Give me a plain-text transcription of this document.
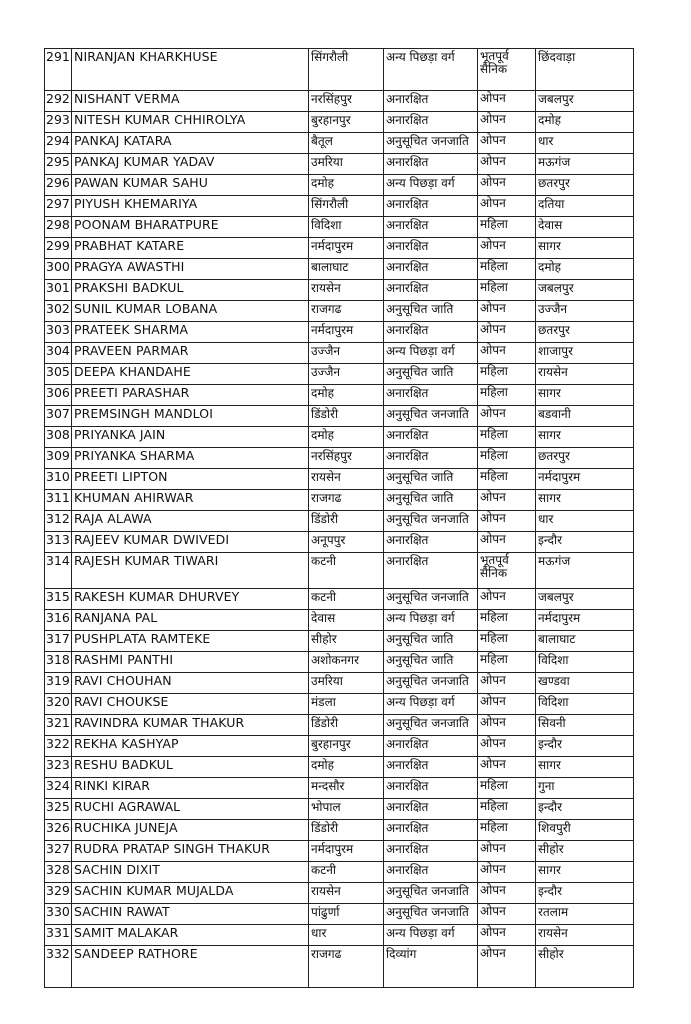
291	NIRANJAN KHARKHUSE	सिंगरौली	अन्य पिछड़ा वर्ग	भूतपूर्व सैनिक	छिंदवाड़ा
292	NISHANT VERMA	नरसिंहपुर	अनारक्षित	ओपन	जबलपुर
293	NITESH KUMAR CHHIROLYA	बुरहानपुर	अनारक्षित	ओपन	दमोह
294	PANKAJ KATARA	बैतूल	अनुसूचित जनजाति	ओपन	धार
295	PANKAJ KUMAR YADAV	उमरिया	अनारक्षित	ओपन	मऊगंज
296	PAWAN KUMAR SAHU	दमोह	अन्य पिछड़ा वर्ग	ओपन	छतरपुर
297	PIYUSH KHEMARIYA	सिंगरौली	अनारक्षित	ओपन	दतिया
298	POONAM BHARATPURE	विदिशा	अनारक्षित	महिला	देवास
299	PRABHAT KATARE	नर्मदापुरम	अनारक्षित	ओपन	सागर
300	PRAGYA AWASTHI	बालाघाट	अनारक्षित	महिला	दमोह
301	PRAKSHI BADKUL	रायसेन	अनारक्षित	महिला	जबलपुर
302	SUNIL KUMAR LOBANA	राजगढ	अनुसूचित जाति	ओपन	उज्जैन
303	PRATEEK SHARMA	नर्मदापुरम	अनारक्षित	ओपन	छतरपुर
304	PRAVEEN PARMAR	उज्जैन	अन्य पिछड़ा वर्ग	ओपन	शाजापुर
305	DEEPA KHANDAHE	उज्जैन	अनुसूचित जाति	महिला	रायसेन
306	PREETI PARASHAR	दमोह	अनारक्षित	महिला	सागर
307	PREMSINGH MANDLOI	डिंडोरी	अनुसूचित जनजाति	ओपन	बडवानी
308	PRIYANKA JAIN	दमोह	अनारक्षित	महिला	सागर
309	PRIYANKA SHARMA	नरसिंहपुर	अनारक्षित	महिला	छतरपुर
310	PREETI LIPTON	रायसेन	अनुसूचित जाति	महिला	नर्मदापुरम
311	KHUMAN AHIRWAR	राजगढ	अनुसूचित जाति	ओपन	सागर
312	RAJA ALAWA	डिंडोरी	अनुसूचित जनजाति	ओपन	धार
313	RAJEEV KUMAR DWIVEDI	अनूपपुर	अनारक्षित	ओपन	इन्दौर
314	RAJESH KUMAR TIWARI	कटनी	अनारक्षित	भूतपूर्व सैनिक	मऊगंज
315	RAKESH KUMAR DHURVEY	कटनी	अनुसूचित जनजाति	ओपन	जबलपुर
316	RANJANA PAL	देवास	अन्य पिछड़ा वर्ग	महिला	नर्मदापुरम
317	PUSHPLATA RAMTEKE	सीहोर	अनुसूचित जाति	महिला	बालाघाट
318	RASHMI PANTHI	अशोकनगर	अनुसूचित जाति	महिला	विदिशा
319	RAVI CHOUHAN	उमरिया	अनुसूचित जनजाति	ओपन	खण्डवा
320	RAVI CHOUKSE	मंडला	अन्य पिछड़ा वर्ग	ओपन	विदिशा
321	RAVINDRA KUMAR THAKUR	डिंडोरी	अनुसूचित जनजाति	ओपन	सिवनी
322	REKHA KASHYAP	बुरहानपुर	अनारक्षित	ओपन	इन्दौर
323	RESHU BADKUL	दमोह	अनारक्षित	ओपन	सागर
324	RINKI KIRAR	मन्दसौर	अनारक्षित	महिला	गुना
325	RUCHI AGRAWAL	भोपाल	अनारक्षित	महिला	इन्दौर
326	RUCHIKA JUNEJA	डिंडोरी	अनारक्षित	महिला	शिवपुरी
327	RUDRA PRATAP SINGH THAKUR	नर्मदापुरम	अनारक्षित	ओपन	सीहोर
328	SACHIN DIXIT	कटनी	अनारक्षित	ओपन	सागर
329	SACHIN KUMAR MUJALDA	रायसेन	अनुसूचित जनजाति	ओपन	इन्दौर
330	SACHIN RAWAT	पांढुर्णा	अनुसूचित जनजाति	ओपन	रतलाम
331	SAMIT MALAKAR	धार	अन्य पिछड़ा वर्ग	ओपन	रायसेन
332	SANDEEP RATHORE	राजगढ	दिव्यांग	ओपन	सीहोर
